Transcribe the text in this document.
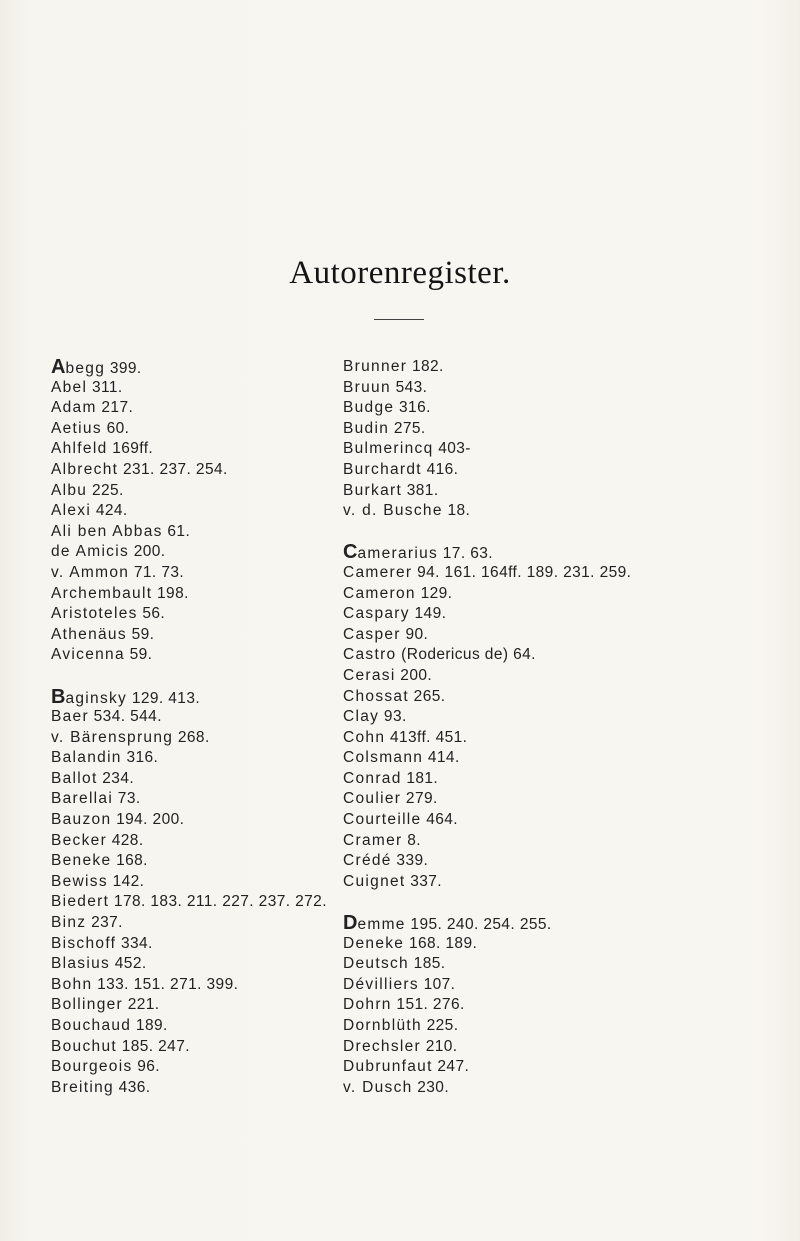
Autorenregister.
Abegg 399.
Abel 311.
Adam 217.
Aetius 60.
Ahlfeld 169ff.
Albrecht 231. 237. 254.
Albu 225.
Alexi 424.
Ali ben Abbas 61.
de Amicis 200.
v. Ammon 71. 73.
Archembault 198.
Aristoteles 56.
Athenäus 59.
Avicenna 59.
Baginsky 129. 413.
Baer 534. 544.
v. Bärensprung 268.
Balandin 316.
Ballot 234.
Barellai 73.
Bauzon 194. 200.
Becker 428.
Beneke 168.
Bewiss 142.
Biedert 178. 183. 211. 227. 237. 272.
Binz 237.
Bischoff 334.
Blasius 452.
Bohn 133. 151. 271. 399.
Bollinger 221.
Bouchaud 189.
Bouchut 185. 247.
Bourgeois 96.
Breiting 436.
Brunner 182.
Bruun 543.
Budge 316.
Budin 275.
Bulmerincq 403-
Burchardt 416.
Burkart 381.
v. d. Busche 18.
Camerarius 17. 63.
Camerer 94. 161. 164ff. 189. 231. 259.
Cameron 129.
Caspary 149.
Casper 90.
Castro (Rodericus de) 64.
Cerasi 200.
Chossat 265.
Clay 93.
Cohn 413ff. 451.
Colsmann 414.
Conrad 181.
Coulier 279.
Courteille 464.
Cramer 8.
Crédé 339.
Cuignet 337.
Demme 195. 240. 254. 255.
Deneke 168. 189.
Deutsch 185.
Dévilliers 107.
Dohrn 151. 276.
Dornblüth 225.
Drechsler 210.
Dubrunfaut 247.
v. Dusch 230.
